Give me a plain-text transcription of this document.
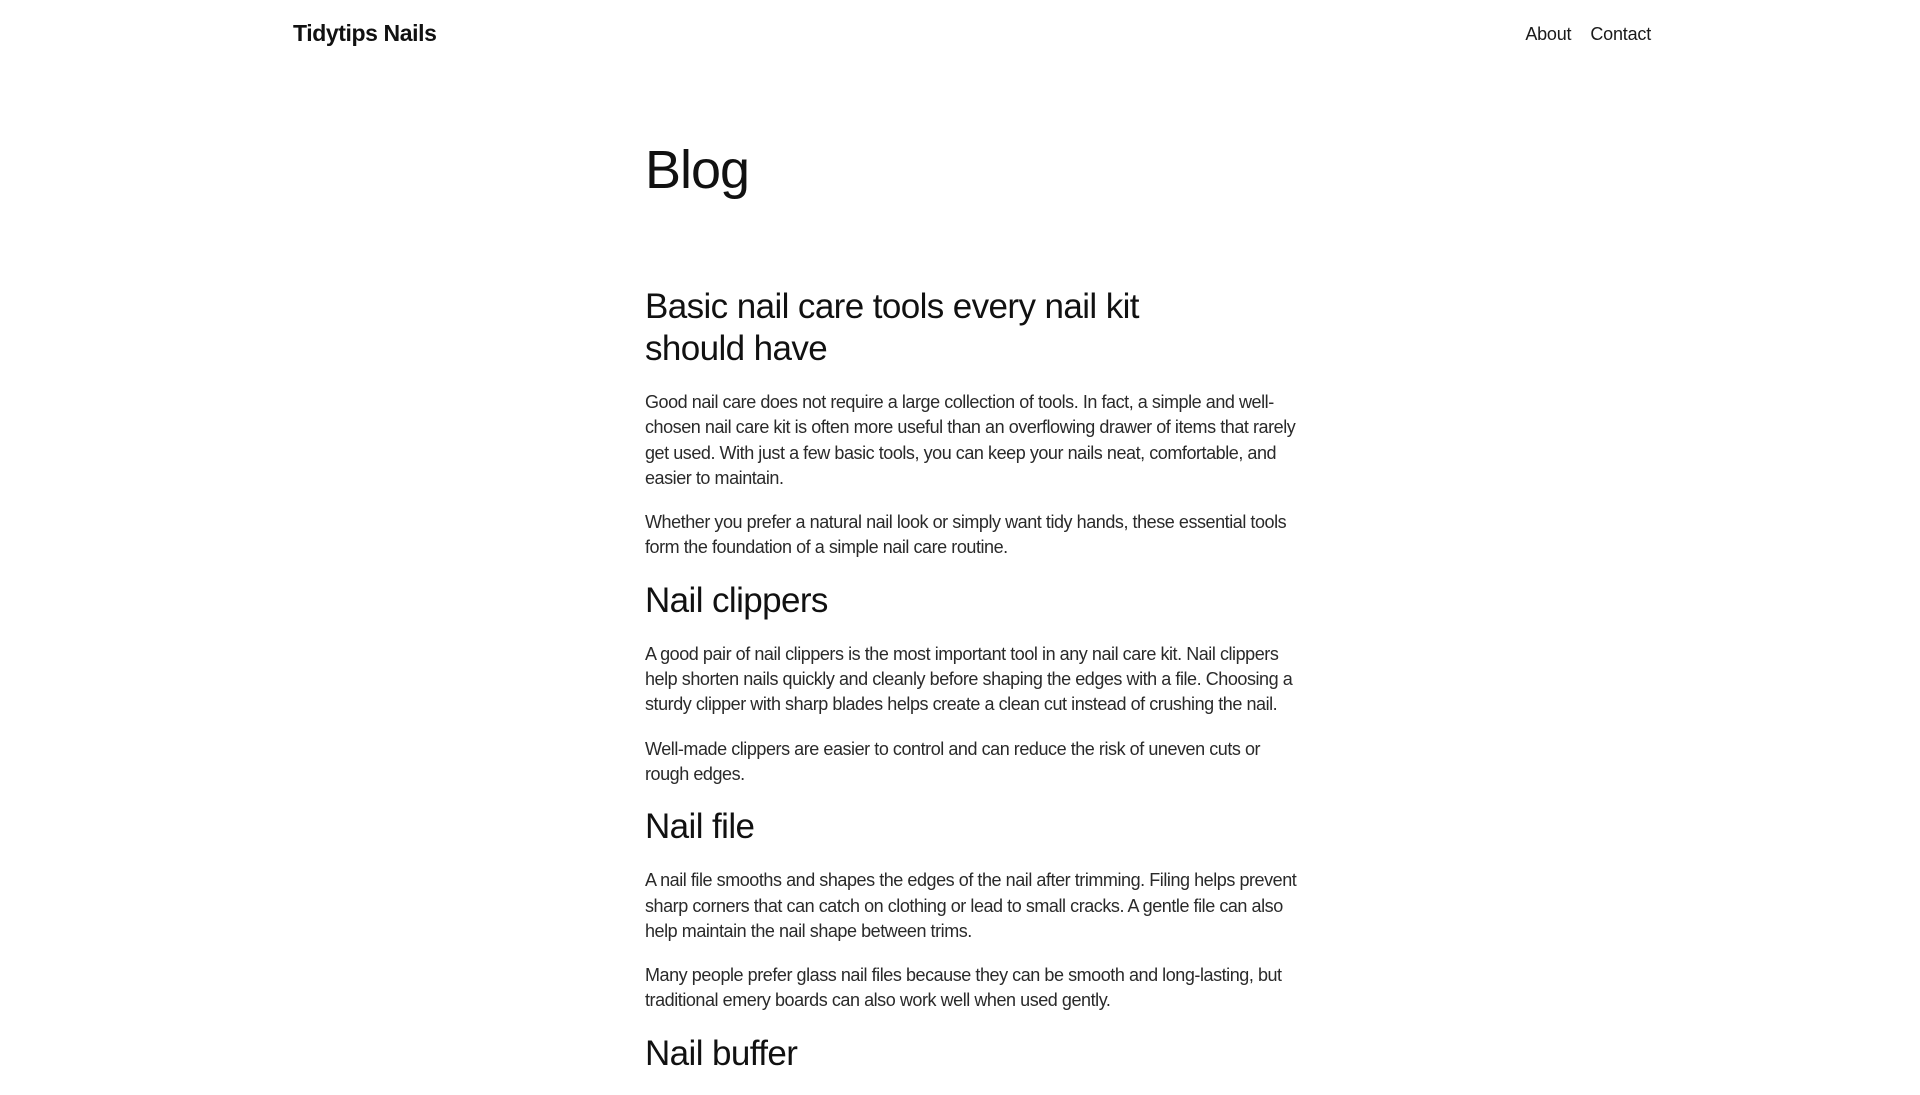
Tidytips Nails	About Contact
Blog
Basic nail care tools every nail kit should have

Good nail care does not require a large collection of tools. In fact, a simple and well-chosen nail care kit is often more useful than an overflowing drawer of items that rarely get used. With just a few basic tools, you can keep your nails neat, comfortable, and easier to maintain.

Whether you prefer a natural nail look or simply want tidy hands, these essential tools form the foundation of a simple nail care routine.

Nail clippers

A good pair of nail clippers is the most important tool in any nail care kit. Nail clippers help shorten nails quickly and cleanly before shaping the edges with a file. Choosing a sturdy clipper with sharp blades helps create a clean cut instead of crushing the nail.

Well-made clippers are easier to control and can reduce the risk of uneven cuts or rough edges.

Nail file

A nail file smooths and shapes the edges of the nail after trimming. Filing helps prevent sharp corners that can catch on clothing or lead to small cracks. A gentle file can also help maintain the nail shape between trims.

Many people prefer glass nail files because they can be smooth and long-lasting, but traditional emery boards can also work well when used gently.

Nail buffer
